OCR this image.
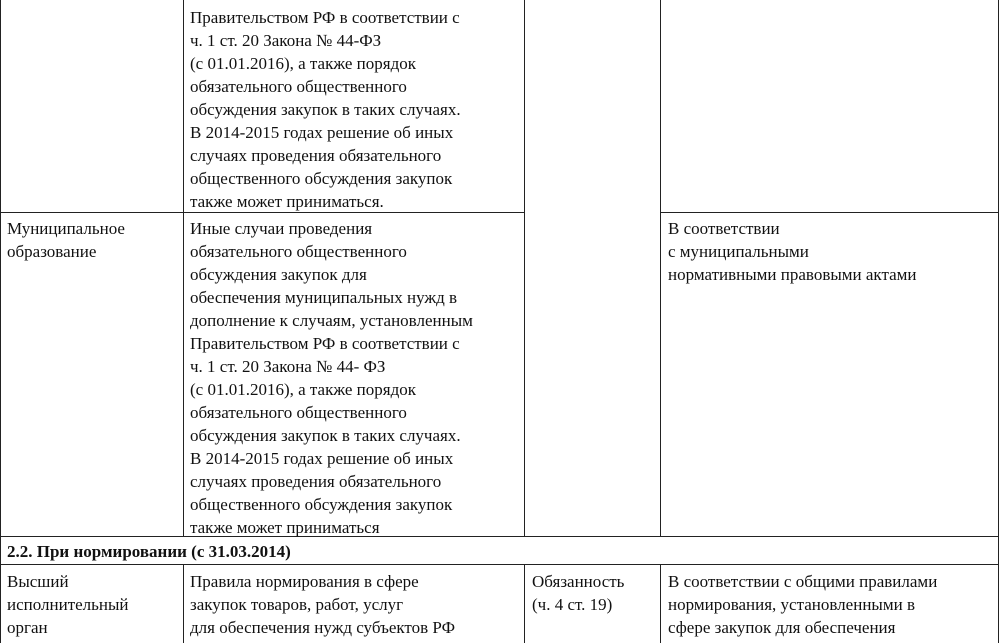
Правительством РФ в соответствии с
ч. 1 ст. 20 Закона № 44-ФЗ
(с 01.01.2016), а также порядок
обязательного общественного
обсуждения закупок в таких случаях.
В 2014-2015 годах решение об иных
случаях проведения обязательного
общественного обсуждения закупок
также может приниматься.
Муниципальное
образование
Иные случаи проведения
обязательного общественного
обсуждения закупок для
обеспечения муниципальных нужд в
дополнение к случаям, установленным
Правительством РФ в соответствии с
ч. 1 ст. 20 Закона № 44- ФЗ
(с 01.01.2016), а также порядок
обязательного общественного
обсуждения закупок в таких случаях.
В 2014-2015 годах решение об иных
случаях проведения обязательного
общественного обсуждения закупок
также может приниматься
В соответствии
с муниципальными
нормативными правовыми актами
2.2. При нормировании (с 31.03.2014)
Высший
исполнительный
орган
Правила нормирования в сфере
закупок товаров, работ, услуг
для обеспечения нужд субъектов РФ
Обязанность
(ч. 4 ст. 19)
В соответствии с общими правилами
нормирования, установленными в
сфере закупок для обеспечения
